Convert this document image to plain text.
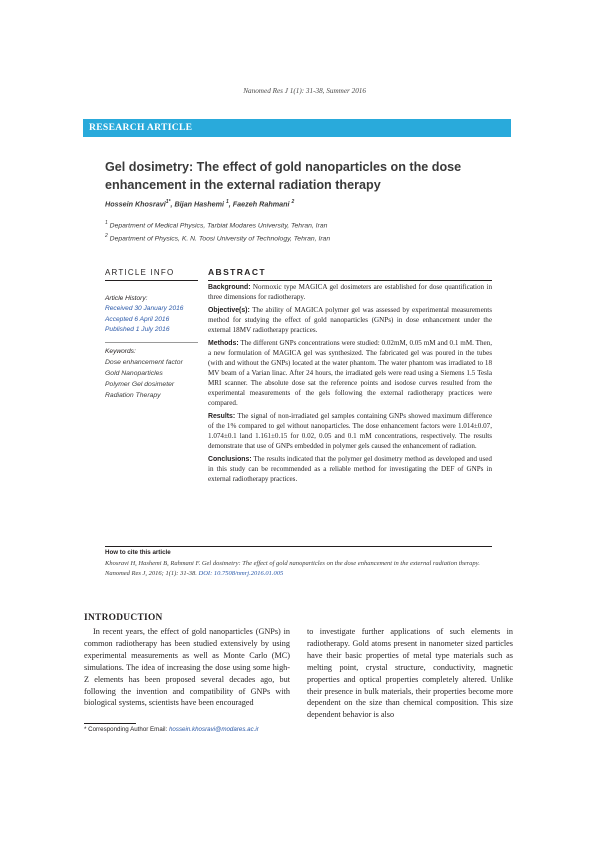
Nanomed Res J 1(1): 31-38, Summer 2016
RESEARCH ARTICLE
Gel dosimetry: The effect of gold nanoparticles on the dose enhancement in the external radiation therapy
Hossein Khosravi$^{1*}$, Bijan Hashemi $^1$, Faezeh Rahmani $^2$
$^1$ Department of Medical Physics, Tarbiat Modares University, Tehran, Iran
$^2$ Department of Physics, K. N. Toosi University of Technology, Tehran, Iran
ARTICLE INFO	ABSTRACT
Article History:
Received 30 January 2016
Accepted 6 April 2016
Published 1 July 2016
Keywords:
Dose enhancement factor
Gold Nanoparticles
Polymer Gel dosimeter
Radiation Therapy

Background: Normoxic type MAGICA gel dosimeters are established for dose quantification in three dimensions for radiotherapy.

Objective(s): The ability of MAGICA polymer gel was assessed by experimental measurements method for studying the effect of gold nanoparticles (GNPs) in dose enhancement under the external 18MV radiotherapy practices.

Methods: The different GNPs concentrations were studied: 0.02mM, 0.05 mM and 0.1 mM. Then, a new formulation of MAGICA gel was synthesized. The fabricated gel was poured in the tubes (with and without the GNPs) located at the water phantom. The water phantom was irradiated to 18 MV beam of a Varian linac. After 24 hours, the irradiated gels were read using a Siemens 1.5 Tesla MRI scanner. The absolute dose sat the reference points and isodose curves resulted from the experimental measurements of the gels following the external radiotherapy practices were compared.

Results: The signal of non-irradiated gel samples containing GNPs showed maximum difference of the 1% compared to gel without nanoparticles. The dose enhancement factors were 1.014±0.07, 1.074±0.1 land 1.161±0.15 for 0.02, 0.05 and 0.1 mM concentrations, respectively. The results demonstrate that use of GNPs embedded in polymer gels caused the enhancement of radiation.

Conclusions: The results indicated that the polymer gel dosimetry method as developed and used in this study can be recommended as a reliable method for investigating the DEF of GNPs in external radiotherapy practices.

How to cite this article
Khosravi H, Hashemi B, Rahmani F. Gel dosimetry: The effect of gold nanoparticles on the dose enhancement in the external radiation therapy. Nanomed Res J, 2016; 1(1): 31-38. DOI: 10.7508/nmrj.2016.01.005
INTRODUCTION
In recent years, the effect of gold nanoparticles (GNPs) in common radiotherapy has been studied extensively by using experimental measurements as well as Monte Carlo (MC) simulations. The idea of increasing the dose using some high-Z elements has been proposed several decades ago, but following the invention and compatibility of GNPs with biological systems, scientists have been encouraged
to investigate further applications of such elements in radiotherapy. Gold atoms present in nanometer sized particles have their basic properties of metal type materials such as melting point, crystal structure, conductivity, magnetic properties and optical properties completely altered. Unlike their presence in bulk materials, their properties become more dependent on the size than chemical composition. This size dependent behavior is also
* Corresponding Author Email: hossein.khosravi@modares.ac.ir
